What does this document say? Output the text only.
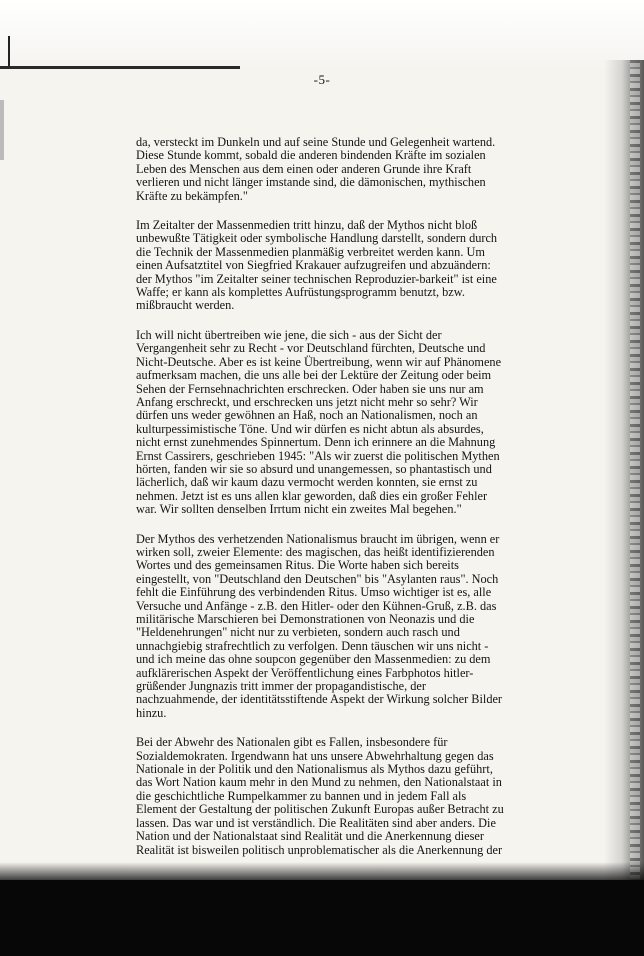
-5-

da, versteckt im Dunkeln und auf seine Stunde und Gelegenheit wartend.
Diese Stunde kommt, sobald die anderen bindenden Kräfte im sozialen
Leben des Menschen aus dem einen oder anderen Grunde ihre Kraft
verlieren und nicht länger imstande sind, die dämonischen, mythischen
Kräfte zu bekämpfen."

Im Zeitalter der Massenmedien tritt hinzu, daß der Mythos nicht bloß
unbewußte Tätigkeit oder symbolische Handlung darstellt, sondern durch
die Technik der Massenmedien planmäßig verbreitet werden kann. Um
einen Aufsatztitel von Siegfried Krakauer aufzugreifen und abzuändern:
der Mythos "im Zeitalter seiner technischen Reproduzier-barkeit" ist eine
Waffe; er kann als komplettes Aufrüstungsprogramm benutzt, bzw.
mißbraucht werden.

Ich will nicht übertreiben wie jene, die sich - aus der Sicht der
Vergangenheit sehr zu Recht - vor Deutschland fürchten, Deutsche und
Nicht-Deutsche. Aber es ist keine Übertreibung, wenn wir auf Phänomene
aufmerksam machen, die uns alle bei der Lektüre der Zeitung oder beim
Sehen der Fernsehnachrichten erschrecken. Oder haben sie uns nur am
Anfang erschreckt, und erschrecken uns jetzt nicht mehr so sehr? Wir
dürfen uns weder gewöhnen an Haß, noch an Nationalismen, noch an
kulturpessimistische Töne. Und wir dürfen es nicht abtun als absurdes,
nicht ernst zunehmendes Spinnertum. Denn ich erinnere an die Mahnung
Ernst Cassirers, geschrieben 1945: "Als wir zuerst die politischen Mythen
hörten, fanden wir sie so absurd und unangemessen, so phantastisch und
lächerlich, daß wir kaum dazu vermocht werden konnten, sie ernst zu
nehmen. Jetzt ist es uns allen klar geworden, daß dies ein großer Fehler
war. Wir sollten denselben Irrtum nicht ein zweites Mal begehen."

Der Mythos des verhetzenden Nationalismus braucht im übrigen, wenn er
wirken soll, zweier Elemente: des magischen, das heißt identifizierenden
Wortes und des gemeinsamen Ritus. Die Worte haben sich bereits
eingestellt, von "Deutschland den Deutschen" bis "Asylanten raus". Noch
fehlt die Einführung des verbindenden Ritus. Umso wichtiger ist es, alle
Versuche und Anfänge - z.B. den Hitler- oder den Kühnen-Gruß, z.B. das
militärische Marschieren bei Demonstrationen von Neonazis und die
"Heldenehrungen" nicht nur zu verbieten, sondern auch rasch und
unnachgiebig strafrechtlich zu verfolgen. Denn täuschen wir uns nicht -
und ich meine das ohne soupcon gegenüber den Massenmedien: zu dem
aufklärerischen Aspekt der Veröffentlichung eines Farbphotos hitler-
grüßender Jungnazis tritt immer der propagandistische, der
nachzuahmende, der identitätsstiftende Aspekt der Wirkung solcher Bilder
hinzu.

Bei der Abwehr des Nationalen gibt es Fallen, insbesondere für
Sozialdemokraten. Irgendwann hat uns unsere Abwehrhaltung gegen das
Nationale in der Politik und den Nationalismus als Mythos dazu geführt,
das Wort Nation kaum mehr in den Mund zu nehmen, den Nationalstaat in
die geschichtliche Rumpelkammer zu bannen und in jedem Fall als
Element der Gestaltung der politischen Zukunft Europas außer Betracht zu
lassen. Das war und ist verständlich. Die Realitäten sind aber anders. Die
Nation und der Nationalstaat sind Realität und die Anerkennung dieser
Realität ist bisweilen politisch unproblematischer als die Anerkennung der
